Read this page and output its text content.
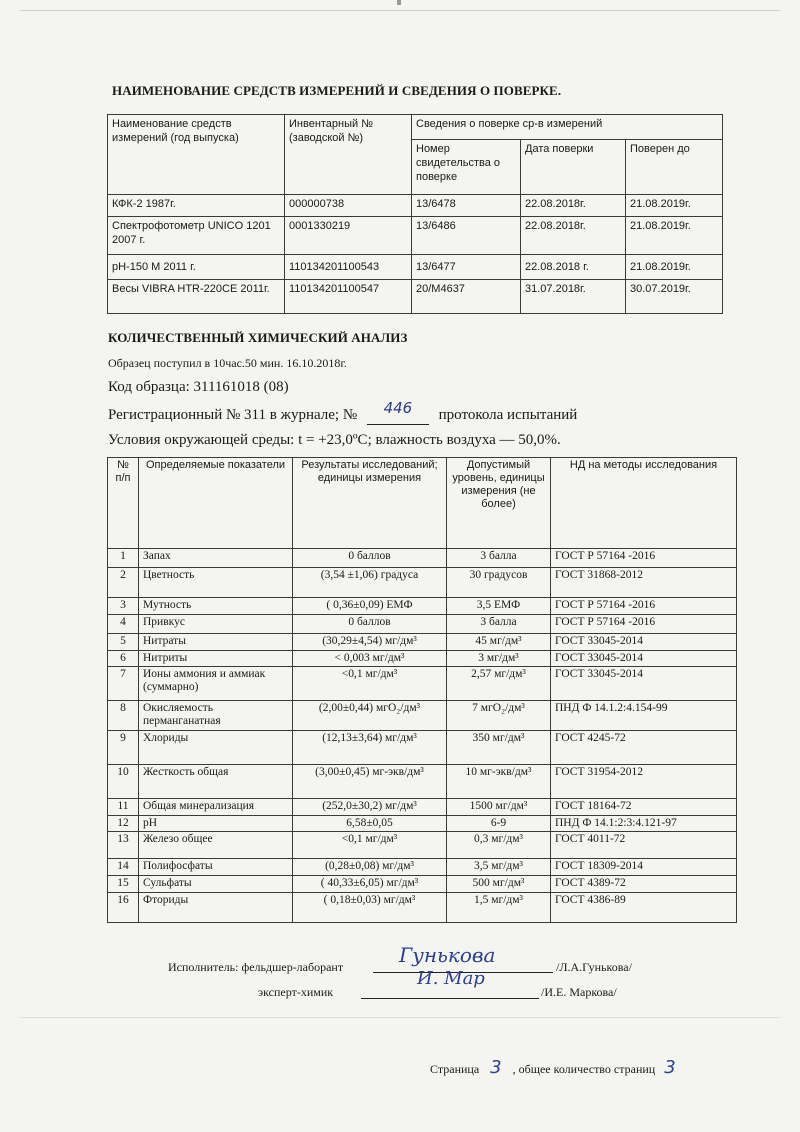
НАИМЕНОВАНИЕ СРЕДСТВ ИЗМЕРЕНИЙ И СВЕДЕНИЯ О ПОВЕРКЕ.
Наименование средств измерений (год выпуска)	Инвентарный № (заводской №)	Сведения о поверке ср-в измерений		
		Номер свидетельства о поверке	Дата поверки	Поверен до
КФК-2 1987г.	000000738	13/6478	22.08.2018г.	21.08.2019г.
Спектрофотометр UNICO 1201 2007 г.	0001330219	13/6486	22.08.2018г.	21.08.2019г.
pH-150 М 2011 г.	110134201100543	13/6477	22.08.2018 г.	21.08.2019г.
Весы VIBRA HTR-220CE 2011г.	110134201100547	20/М4637	31.07.2018г.	30.07.2019г.
КОЛИЧЕСТВЕННЫЙ ХИМИЧЕСКИЙ АНАЛИЗ
Образец поступил в 10час.50 мин. 16.10.2018г.
Код образца: 311161018 (08)
Регистрационный № 311 в журнале; № 446 протокола испытаний
Условия окружающей среды: t = +23,0ºС; влажность воздуха — 50,0%.
№ п/п	Определяемые показатели	Результаты исследований; единицы измерения	Допустимый уровень, единицы измерения (не более)	НД на методы исследования
1	Запах	0 баллов	3 балла	ГОСТ Р 57164 -2016
2	Цветность	(3,54 ±1,06) градуса	30 градусов	ГОСТ 31868-2012
3	Мутность	( 0,36±0,09) ЕМФ	3,5 ЕМФ	ГОСТ Р 57164 -2016
4	Привкус	0 баллов	3 балла	ГОСТ Р 57164 -2016
5	Нитраты	(30,29±4,54) мг/дм³	45 мг/дм³	ГОСТ 33045-2014
6	Нитриты	< 0,003 мг/дм³	3 мг/дм³	ГОСТ 33045-2014
7	Ионы аммония и аммиак (суммарно)	<0,1 мг/дм³	2,57 мг/дм³	ГОСТ 33045-2014
8	Окисляемость перманганатная	(2,00±0,44) мгО₂/дм³	7 мгО₂/дм³	ПНД Ф 14.1.2:4.154-99
9	Хлориды	(12,13±3,64) мг/дм³	350 мг/дм³	ГОСТ 4245-72
10	Жесткость общая	(3,00±0,45) мг-экв/дм³	10 мг-экв/дм³	ГОСТ 31954-2012
11	Общая минерализация	(252,0±30,2) мг/дм³	1500 мг/дм³	ГОСТ 18164-72
12	pH	6,58±0,05	6-9	ПНД Ф 14.1:2:3:4.121-97
13	Железо общее	<0,1 мг/дм³	0,3 мг/дм³	ГОСТ 4011-72
14	Полифосфаты	(0,28±0,08) мг/дм³	3,5 мг/дм³	ГОСТ 18309-2014
15	Сульфаты	( 40,33±6,05) мг/дм³	500 мг/дм³	ГОСТ 4389-72
16	Фториды	( 0,18±0,03) мг/дм³	1,5 мг/дм³	ГОСТ 4386-89
Исполнитель: фельдшер-лаборант	Гунькова	/Л.А.Гунькова/
эксперт-химик
И. Мар
/И.Е. Маркова/
Страница 3 , общее количество страниц 3
